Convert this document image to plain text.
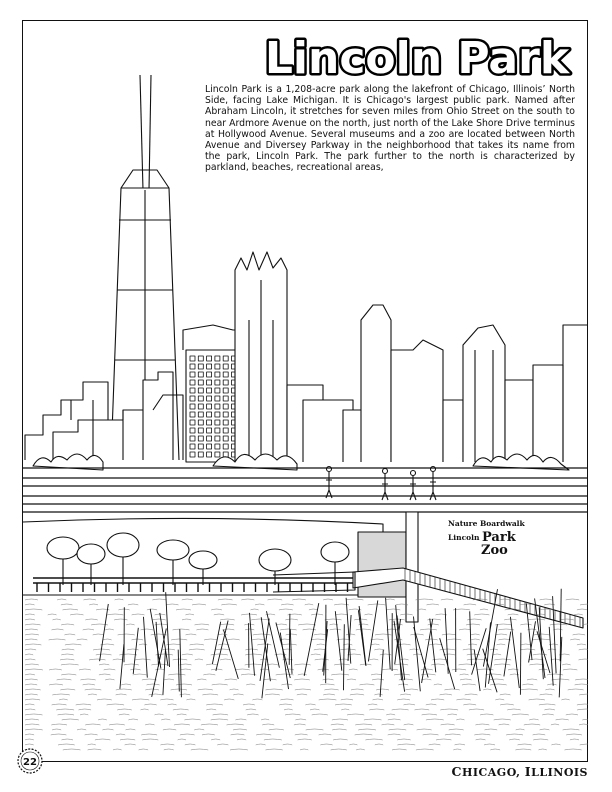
Lincoln Park

Lincoln Park is a 1,208-acre park along the lakefront of Chicago, Illinois’ North Side, facing Lake Michigan. It is Chicago's largest public park. Named after Abraham Lincoln, it stretches for seven miles from Ohio Street on the south to near Ardmore Avenue on the north, just north of the Lake Shore Drive terminus at Hollywood Avenue. Several museums and a zoo are located between North Avenue and Diversey Parkway in the neighborhood that takes its name from the park, Lincoln Park. The park further to the north is characterized by parkland, beaches, recreational areas,

Nature Boardwalk
Lincoln Park
Zoo
22
CHICAGO, ILLINOIS
